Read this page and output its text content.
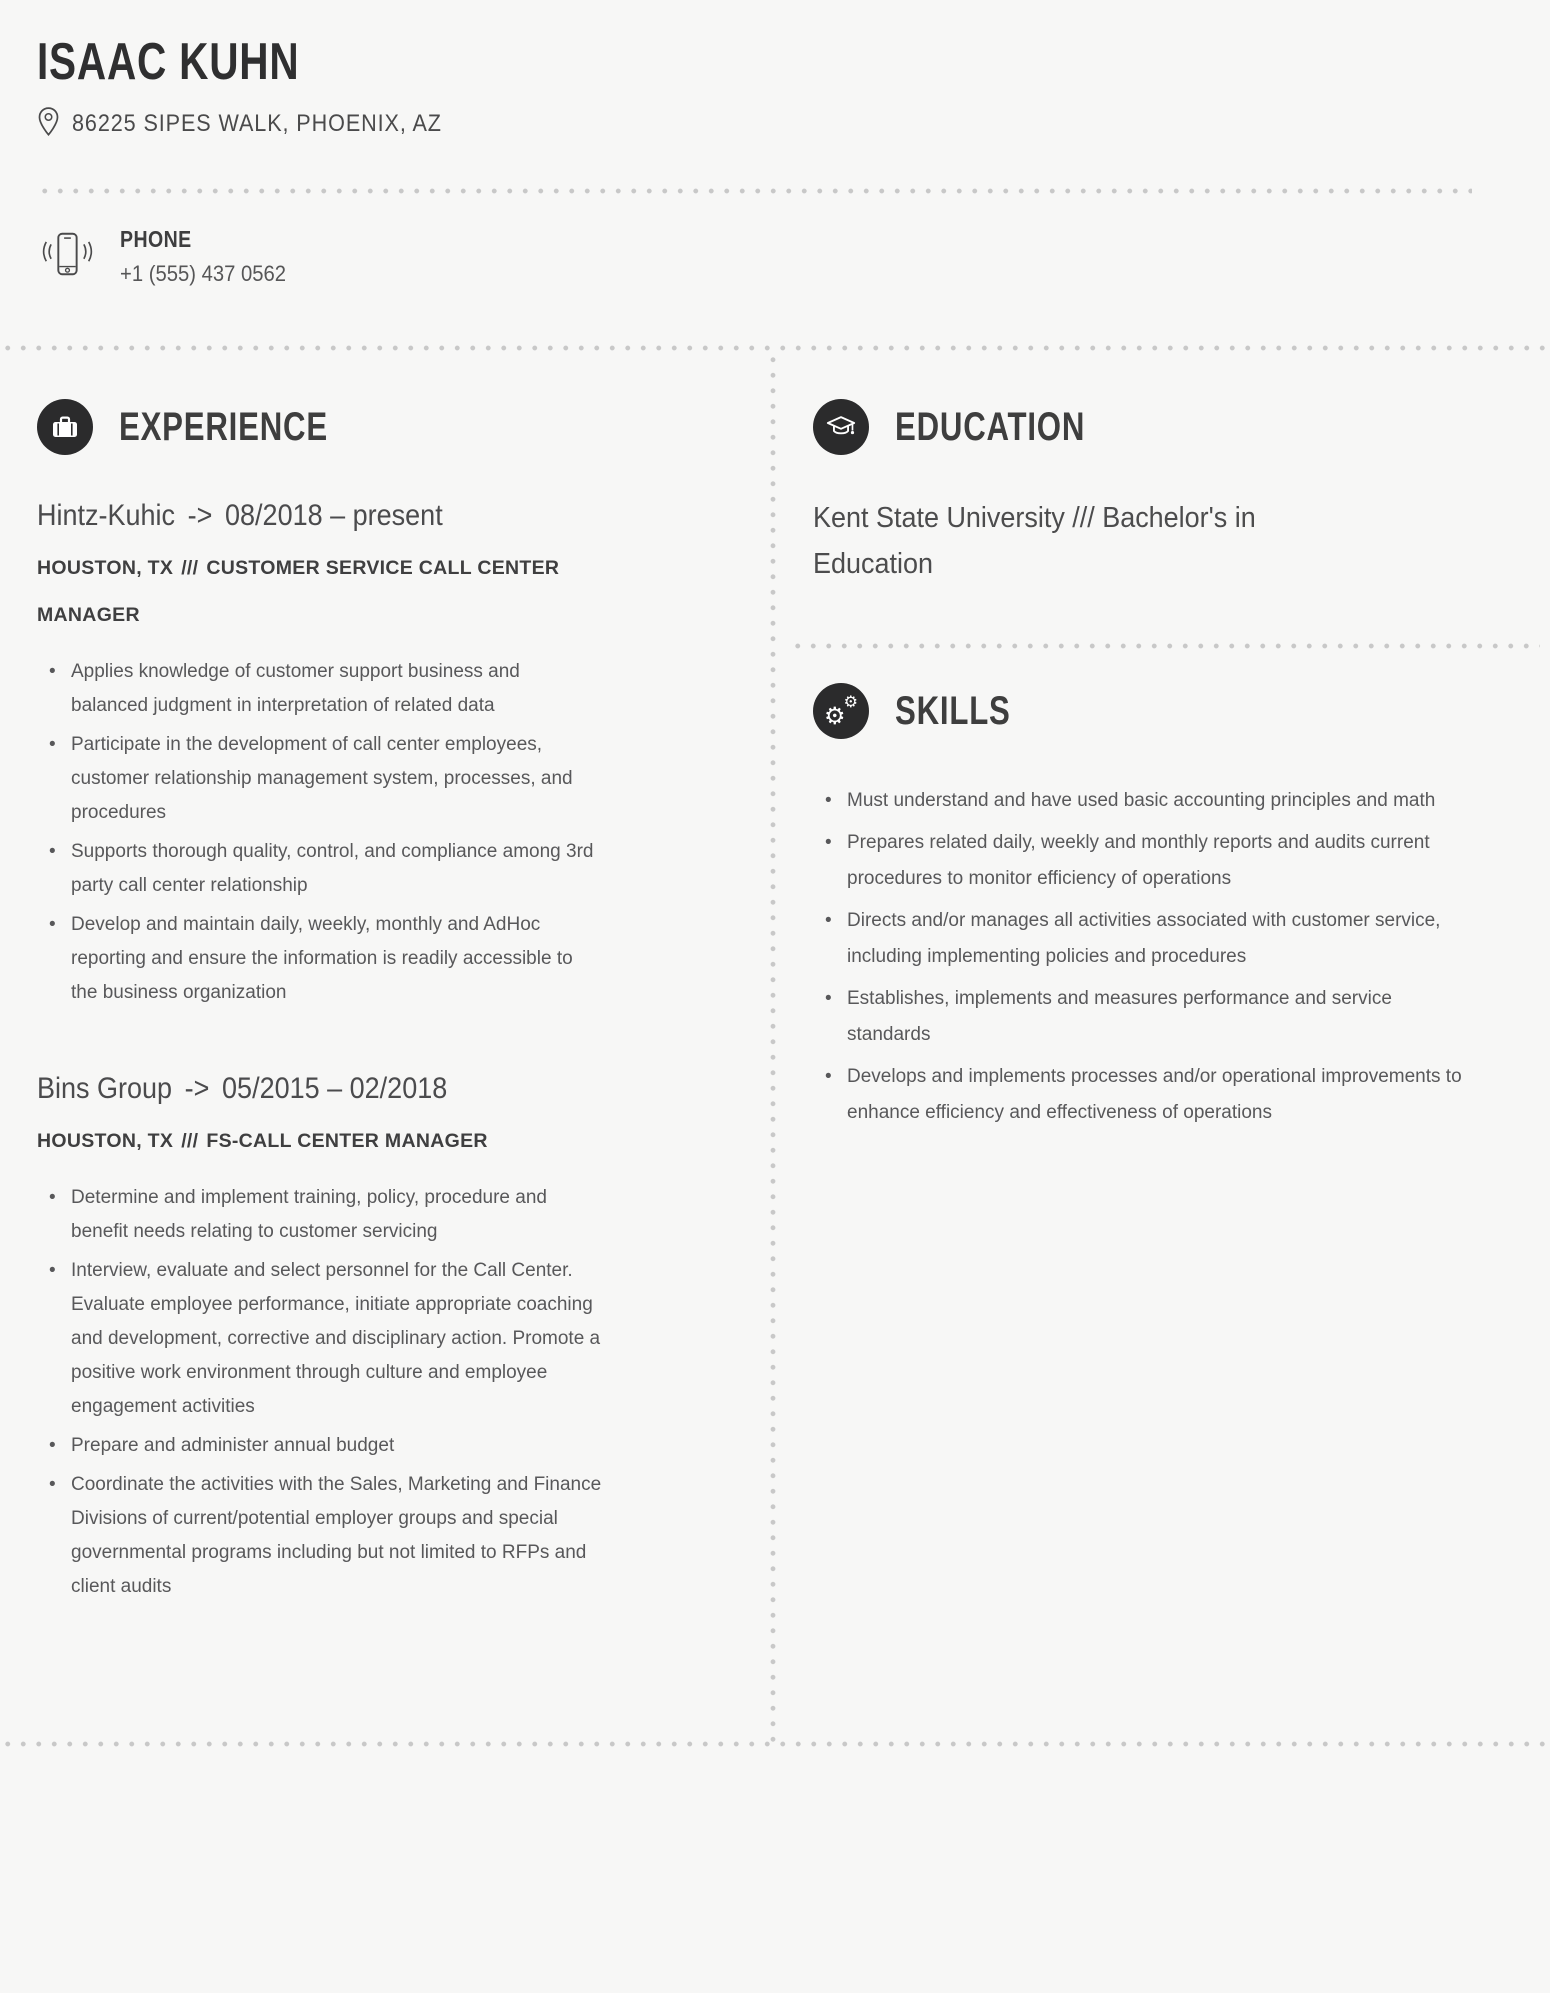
ISAAC KUHN
86225 SIPES WALK, PHOENIX, AZ
PHONE
+1 (555) 437 0562
EXPERIENCE
Hintz-Kuhic -> 08/2018 – present
HOUSTON, TX /// CUSTOMER SERVICE CALL CENTER MANAGER
• Applies knowledge of customer support business and balanced judgment in interpretation of related data
• Participate in the development of call center employees, customer relationship management system, processes, and procedures
• Supports thorough quality, control, and compliance among 3rd party call center relationship
• Develop and maintain daily, weekly, monthly and AdHoc reporting and ensure the information is readily accessible to the business organization
Bins Group -> 05/2015 – 02/2018
HOUSTON, TX /// FS-CALL CENTER MANAGER
• Determine and implement training, policy, procedure and benefit needs relating to customer servicing
• Interview, evaluate and select personnel for the Call Center. Evaluate employee performance, initiate appropriate coaching and development, corrective and disciplinary action. Promote a positive work environment through culture and employee engagement activities
• Prepare and administer annual budget
• Coordinate the activities with the Sales, Marketing and Finance Divisions of current/potential employer groups and special governmental programs including but not limited to RFPs and client audits
EDUCATION
Kent State University /// Bachelor's in Education
⚙
⚙ SKILLS
• Must understand and have used basic accounting principles and math
• Prepares related daily, weekly and monthly reports and audits current procedures to monitor efficiency of operations
• Directs and/or manages all activities associated with customer service, including implementing policies and procedures
• Establishes, implements and measures performance and service standards
• Develops and implements processes and/or operational improvements to enhance efficiency and effectiveness of operations
